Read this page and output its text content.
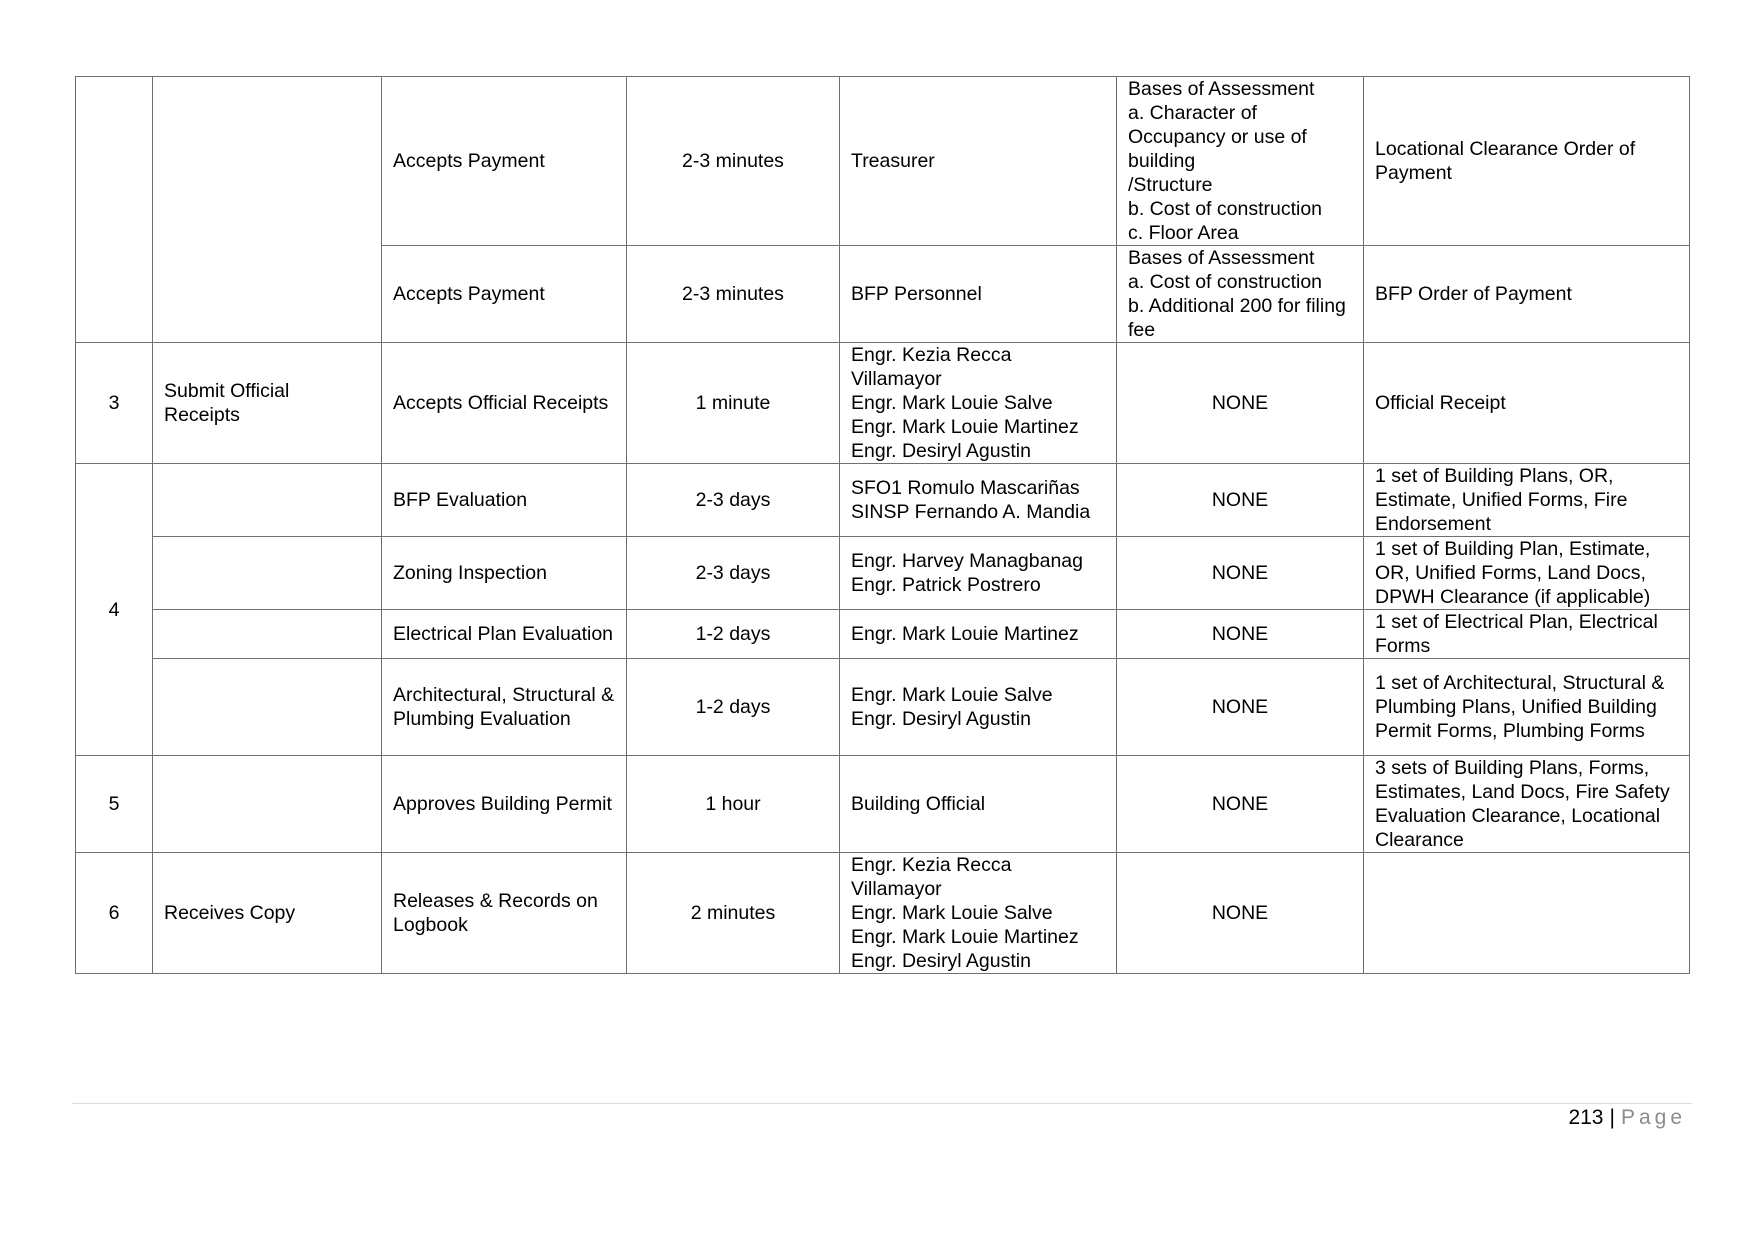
		Accepts Payment	2-3 minutes	Treasurer	Bases of Assessment
a. Character of Occupancy or use of building
/Structure
b. Cost of construction
c. Floor Area	Locational Clearance Order of Payment
		Accepts Payment	2-3 minutes	BFP Personnel	Bases of Assessment
a. Cost of construction
b. Additional 200 for filing fee	BFP Order of Payment
3	Submit Official Receipts	Accepts Official Receipts	1 minute	Engr. Kezia Recca Villamayor
Engr. Mark Louie Salve
Engr. Mark Louie Martinez
Engr. Desiryl Agustin	NONE	Official Receipt
4		BFP Evaluation	2-3 days	SFO1 Romulo Mascariñas
SINSP Fernando A. Mandia	NONE	1 set of Building Plans, OR, Estimate, Unified Forms, Fire Endorsement
		Zoning Inspection	2-3 days	Engr. Harvey Managbanag
Engr. Patrick Postrero	NONE	1 set of Building Plan, Estimate, OR, Unified Forms, Land Docs, DPWH Clearance (if applicable)
		Electrical Plan Evaluation	1-2 days	Engr. Mark Louie Martinez	NONE	1 set of Electrical Plan, Electrical Forms
		Architectural, Structural & Plumbing Evaluation	1-2 days	Engr. Mark Louie Salve
Engr. Desiryl Agustin	NONE	1 set of Architectural, Structural & Plumbing Plans, Unified Building Permit Forms, Plumbing Forms
5		Approves Building Permit	1 hour	Building Official	NONE	3 sets of Building Plans, Forms, Estimates, Land Docs, Fire Safety Evaluation Clearance, Locational Clearance
6	Receives Copy	Releases & Records on Logbook	2 minutes	Engr. Kezia Recca Villamayor
Engr. Mark Louie Salve
Engr. Mark Louie Martinez
Engr. Desiryl Agustin	NONE	
213 | Page
